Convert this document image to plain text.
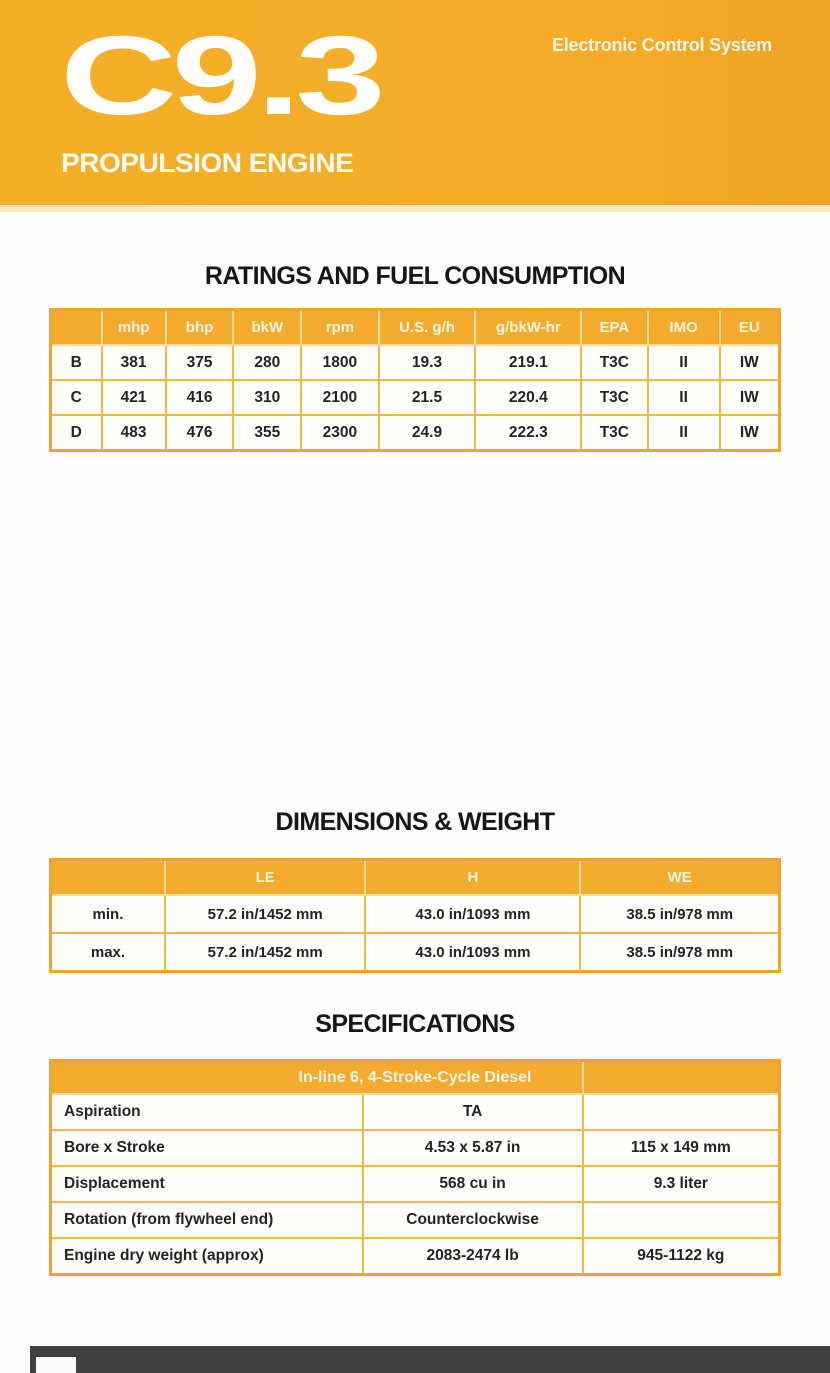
C9.3
PROPULSION ENGINE
Electronic Control System
RATINGS AND FUEL CONSUMPTION
	mhp	bhp	bkW	rpm	U.S. g/h	g/bkW-hr	EPA	IMO	EU
B	381	375	280	1800	19.3	219.1	T3C	II	IW
C	421	416	310	2100	21.5	220.4	T3C	II	IW
D	483	476	355	2300	24.9	222.3	T3C	II	IW
DIMENSIONS & WEIGHT
	LE	H	WE
min.	57.2 in/1452 mm	43.0 in/1093 mm	38.5 in/978 mm
max.	57.2 in/1452 mm	43.0 in/1093 mm	38.5 in/978 mm
SPECIFICATIONS
In-line 6, 4-Stroke-Cycle Diesel		

Aspiration	TA	
Bore x Stroke	4.53 x 5.87 in	115 x 149 mm
Displacement	568 cu in	9.3 liter
Rotation (from flywheel end)	Counterclockwise	
Engine dry weight (approx)	2083-2474 lb	945-1122 kg
